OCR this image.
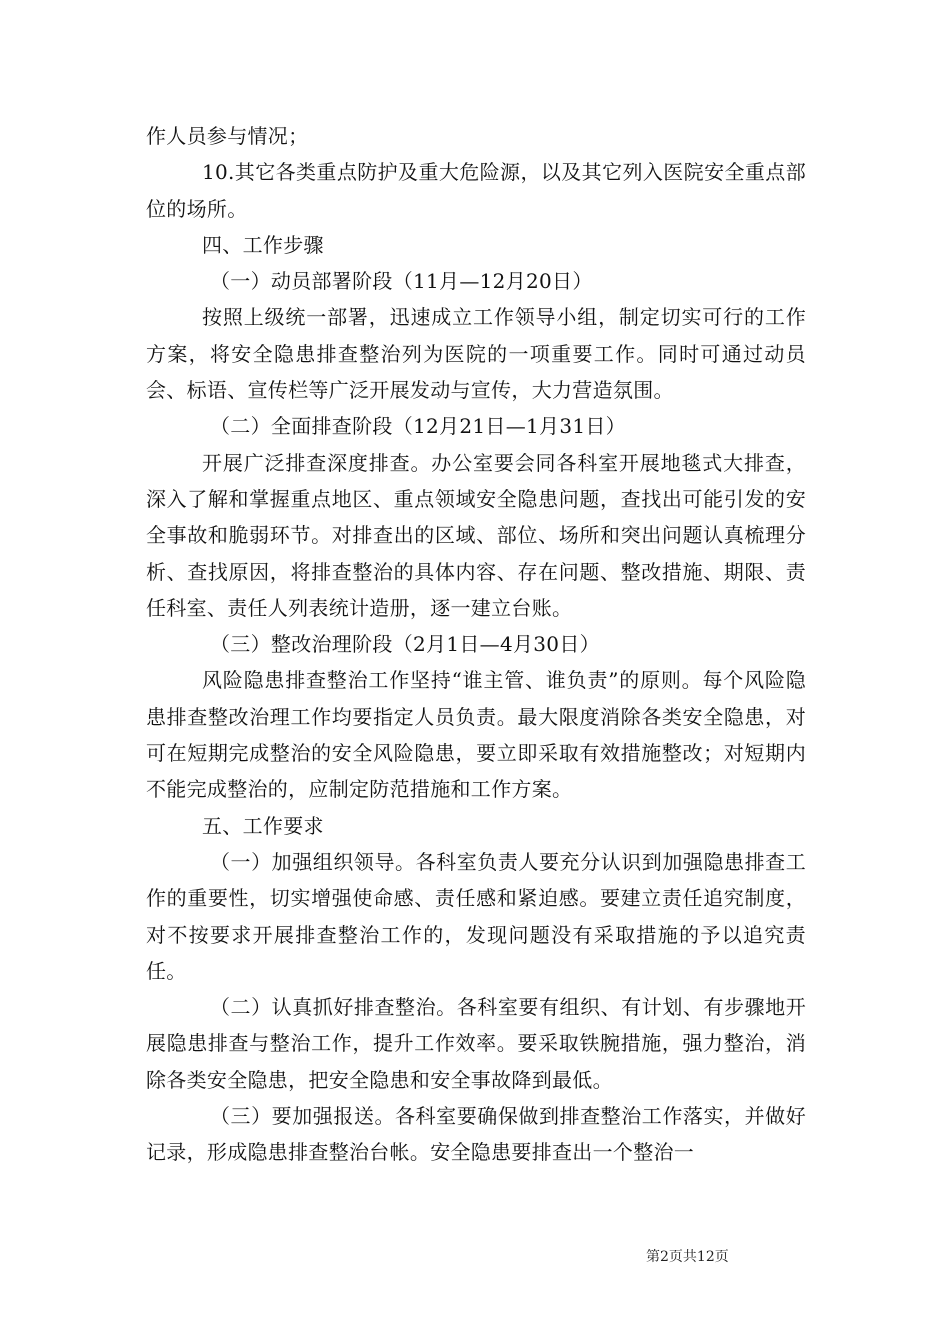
作人员参与情况；

10.其它各类重点防护及重大危险源，以及其它列入医院安全重点部位的场所。

四、工作步骤

（一）动员部署阶段（11月—12月20日）

按照上级统一部署，迅速成立工作领导小组，制定切实可行的工作方案，将安全隐患排查整治列为医院的一项重要工作。同时可通过动员会、标语、宣传栏等广泛开展发动与宣传，大力营造氛围。

（二）全面排查阶段（12月21日—1月31日）

开展广泛排查深度排查。办公室要会同各科室开展地毯式大排查，深入了解和掌握重点地区、重点领域安全隐患问题，查找出可能引发的安全事故和脆弱环节。对排查出的区域、部位、场所和突出问题认真梳理分析、查找原因，将排查整治的具体内容、存在问题、整改措施、期限、责任科室、责任人列表统计造册，逐一建立台账。

（三）整改治理阶段（2月1日—4月30日）

风险隐患排查整治工作坚持“谁主管、谁负责”的原则。每个风险隐患排查整改治理工作均要指定人员负责。最大限度消除各类安全隐患，对可在短期完成整治的安全风险隐患，要立即采取有效措施整改；对短期内不能完成整治的，应制定防范措施和工作方案。

五、工作要求

（一）加强组织领导。各科室负责人要充分认识到加强隐患排查工作的重要性，切实增强使命感、责任感和紧迫感。要建立责任追究制度，对不按要求开展排查整治工作的，发现问题没有采取措施的予以追究责任。

（二）认真抓好排查整治。各科室要有组织、有计划、有步骤地开展隐患排查与整治工作，提升工作效率。要采取铁腕措施，强力整治，消除各类安全隐患，把安全隐患和安全事故降到最低。

（三）要加强报送。各科室要确保做到排查整治工作落实，并做好记录，形成隐患排查整治台帐。安全隐患要排查出一个整治一

第2页共12页
